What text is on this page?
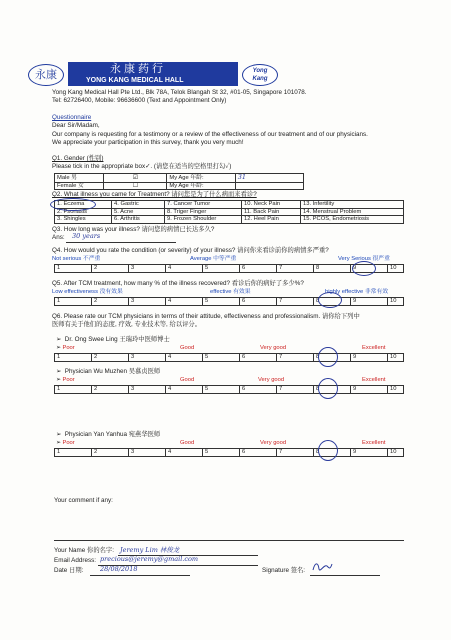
永康	永康药行
YONG KANG MEDICAL HALL
Yong
Kang
Yong Kang Medical Hall Pte Ltd., Blk 78A, Telok Blangah St 32, #01-05, Singapore 101078.
Tel: 62726400, Mobile: 96636600 (Text and Appointment Only)
Questionnaire
Dear Sir/Madam,
Our company is requesting for a testimony or a review of the effectiveness of our treatment and of our physicians.
We appreciate your participation in this survey, thank you very much!
Q1. Gender (性别)
Please tick in the appropriate box✓. (请您在适当的空格里打勾✓)
Male 男	☑	My Age 年龄:	31
Female 女	☐	My Age 年龄:	
Q2. What illness you came for Treatment? 请问您是为了什么病而来看诊?
1. Eczema	4. Gastric	7. Cancer Tumor	10. Neck Pain	13. Infertility
2. Psoriasis	5. Acne	8. Triger Finger	11. Back Pain	14. Menstrual Problem
3. Shingles	6. Arthritis	9. Frozen Shoulder	12. Heel Pain	15. PCOS, Endometriosis
Q3. How long was your illness? 请问您的病情已长达多久?
Ans: 30 years
Q4. How would you rate the condition (or severity) of your illness? 请问你来看诊前你的病情多严重?
Not serious 不严重	Average 中等严重	Very Serious 很严重
1	2	3	4	5	6	7	8	9	10
Q5. After TCM treatment, how many % of the illness recovered? 看诊后你的病好了多少%?
Low effectiveness 没有效果	effective 有效果	highly effective 非常有效
1	2	3	4	5	6	7	8	9	10
Q6. Please rate our TCM physicians in terms of their attitude, effectiveness and professionalism. 请你给下列中
医师有关于他们的态度, 疗效, 专业技术等, 给以评分。
➢  Dr. Ong Swee Ling 王瑞玲中医师博士
➢ Poor	Good	Very good	Excellent
1	2	3	4	5	6	7	8	9	10
➢  Physician Wu Muzhen 吴慕贞医师
➢ Poor	Good	Very good	Excellent
1	2	3	4	5	6	7	8	9	10
➢  Physician Yan Yanhua 宛燕华医师
➢ Poor	Good	Very good	Excellent
1	2	3	4	5	6	7	8	9	10
Your comment if any:
Your Name 你的名字: Jeremy Lim 林俊龙
Email Address: precious@jeremy@gmail.com
Date 日期:	28/08/2018	Signature 签名:
